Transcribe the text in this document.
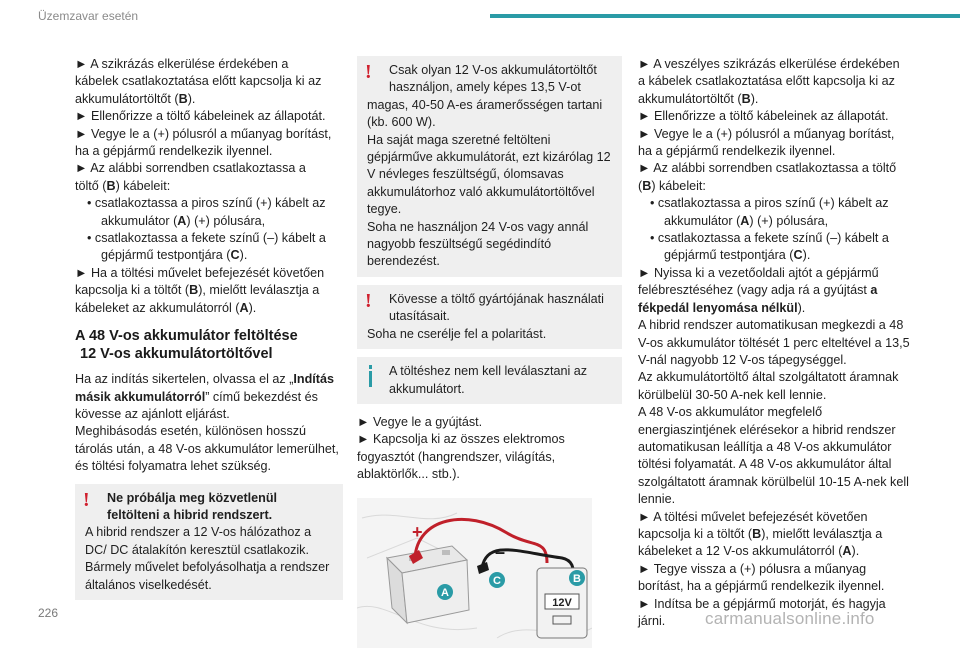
Üzemzavar esetén

► A szikrázás elkerülése érdekében a

kábelek csatlakoztatása előtt kapcsolja ki az

akkumulátortöltőt (B).

► Ellenőrizze a töltő kábeleinek az állapotát.

► Vegye le a (+) pólusról a műanyag borítást,

ha a gépjármű rendelkezik ilyennel.

► Az alábbi sorrendben csatlakoztassa a

töltő (B) kábeleit:

• csatlakoztassa a piros színű (+) kábelt az

akkumulátor (A) (+) pólusára,

• csatlakoztassa a fekete színű (–) kábelt a

gépjármű testpontjára (C).

► Ha a töltési művelet befejezését követően

kapcsolja ki a töltőt (B), mielőtt leválasztja a

kábeleket az akkumulátorról (A).

A 48 V-os akkumulátor feltöltése
12 V-os akkumulátortöltővel

Ha az indítás sikertelen, olvassa el az „Indítás másik akkumulátorról” című bekezdést és kövesse az ajánlott eljárást.

Meghibásodás esetén, különösen hosszú tárolás után, a 48 V-os akkumulátor lemerülhet, és töltési folyamatra lehet szükség.

!	Ne próbálja meg közvetlenül feltölteni a hibrid rendszert.

A hibrid rendszer a 12 V-os hálózathoz a DC/ DC átalakítón keresztül csatlakozik. Bármely művelet befolyásolhatja a rendszer általános viselkedését.

!	Csak olyan 12 V-os akkumulátortöltőt használjon, amely képes 13,5 V-ot

magas, 40-50 A-es áramerősségen tartani (kb. 600 W).

Ha saját maga szeretné feltölteni gépjárműve akkumulátorát, ezt kizárólag 12 V névleges feszültségű, ólomsavas akkumulátorhoz való akkumulátortöltővel tegye.

Soha ne használjon 24 V-os vagy annál nagyobb feszültségű segédindító berendezést.

!	Kövesse a töltő gyártójának használati utasításait.

Soha ne cserélje fel a polaritást.

A töltéshez nem kell leválasztani az akkumulátort.

► Vegye le a gyújtást.

► Kapcsolja ki az összes elektromos fogyasztót (hangrendszer, világítás, ablaktörlők... stb.).

+
–
12V
A
C	B

► A veszélyes szikrázás elkerülése érdekében

a kábelek csatlakoztatása előtt kapcsolja ki az

akkumulátortöltőt (B).

► Ellenőrizze a töltő kábeleinek az állapotát.

► Vegye le a (+) pólusról a műanyag borítást,

ha a gépjármű rendelkezik ilyennel.

► Az alábbi sorrendben csatlakoztassa a töltő

(B) kábeleit:

• csatlakoztassa a piros színű (+) kábelt az

akkumulátor (A) (+) pólusára,

• csatlakoztassa a fekete színű (–) kábelt a

gépjármű testpontjára (C).

► Nyissa ki a vezetőoldali ajtót a gépjármű

felébresztéséhez (vagy adja rá a gyújtást a

fékpedál lenyomása nélkül).

A hibrid rendszer automatikusan megkezdi a 48 V-os akkumulátor töltését 1 perc elteltével a 13,5 V-nál nagyobb 12 V-os tápegységgel.

Az akkumulátortöltő által szolgáltatott áramnak körülbelül 30-50 A-nek kell lennie.

A 48 V-os akkumulátor megfelelő energiaszintjének elérésekor a hibrid rendszer automatikusan leállítja a 48 V-os akkumulátor töltési folyamatát. A 48 V-os akkumulátor által szolgáltatott áramnak körülbelül 10-15 A-nek kell lennie.

► A töltési művelet befejezését követően

kapcsolja ki a töltőt (B), mielőtt leválasztja a

kábeleket a 12 V-os akkumulátorról (A).

► Tegye vissza a (+) pólusra a műanyag borítást, ha a gépjármű rendelkezik ilyennel.

► Indítsa be a gépjármű motorját, és hagyja járni.

226	carmanualsonline.info
